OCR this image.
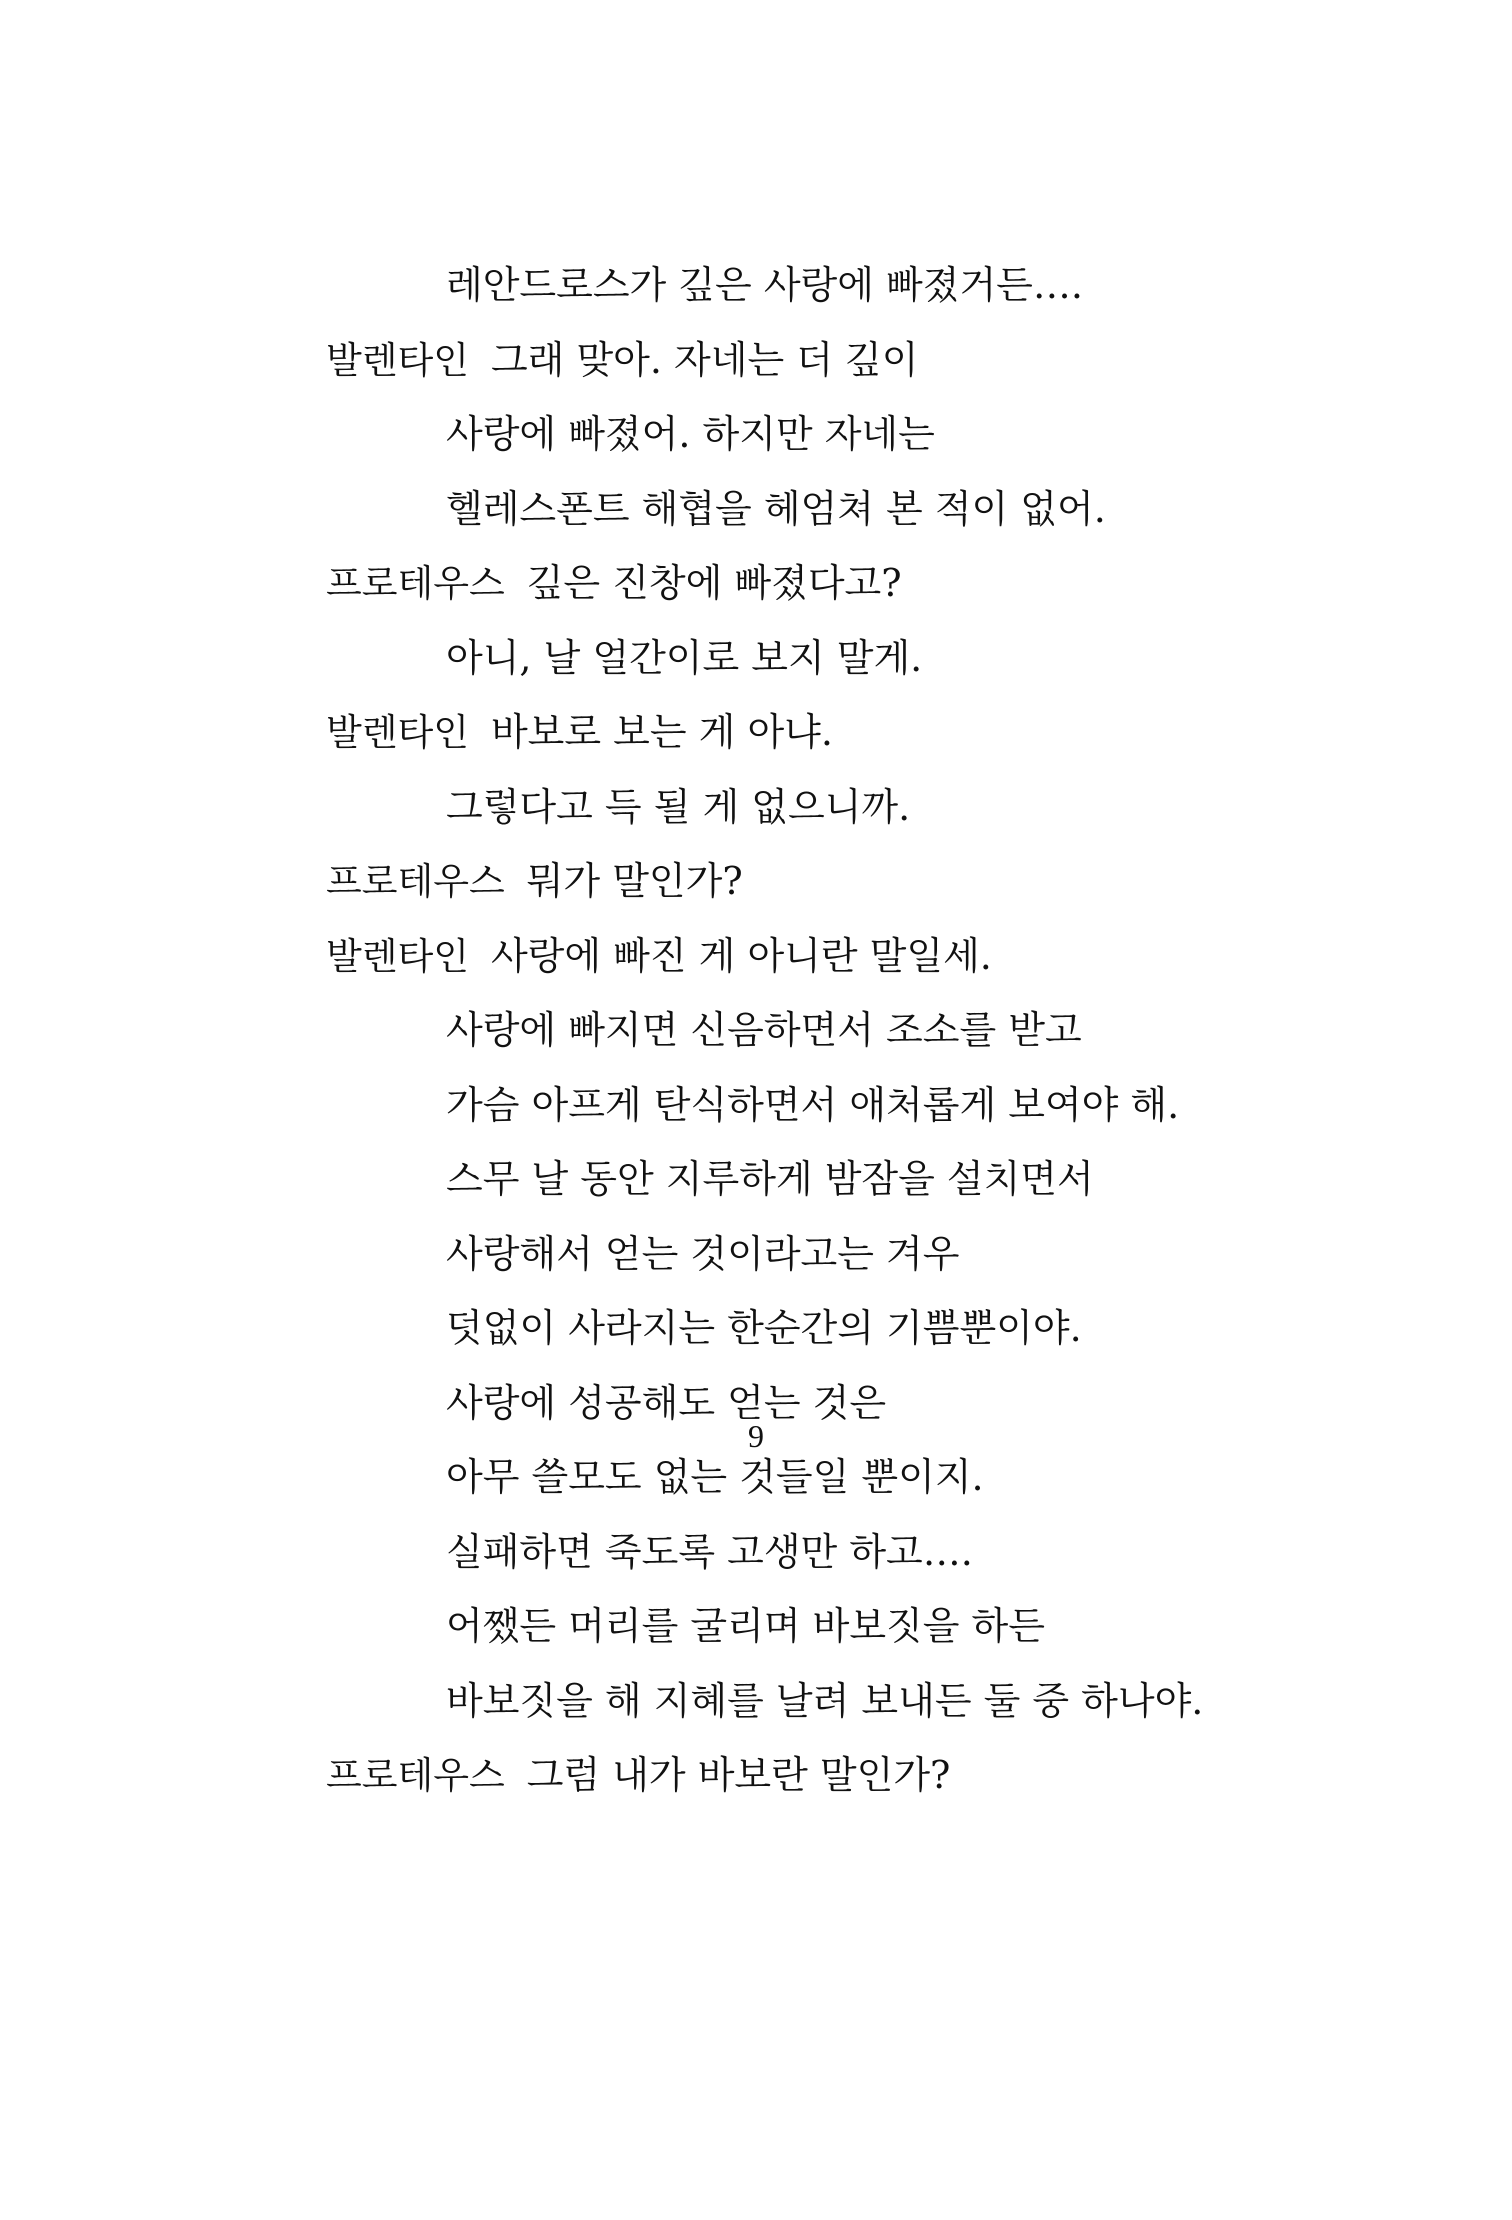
레안드로스가 깊은 사랑에 빠졌거든….
발렌타인 그래 맞아. 자네는 더 깊이
사랑에 빠졌어. 하지만 자네는
헬레스폰트 해협을 헤엄쳐 본 적이 없어.
프로테우스 깊은 진창에 빠졌다고?
아니, 날 얼간이로 보지 말게.
발렌타인 바보로 보는 게 아냐.
그렇다고 득 될 게 없으니까.
프로테우스 뭐가 말인가?
발렌타인 사랑에 빠진 게 아니란 말일세.
사랑에 빠지면 신음하면서 조소를 받고
가슴 아프게 탄식하면서 애처롭게 보여야 해.
스무 날 동안 지루하게 밤잠을 설치면서
사랑해서 얻는 것이라고는 겨우
덧없이 사라지는 한순간의 기쁨뿐이야.
사랑에 성공해도 얻는 것은
아무 쓸모도 없는 것들일 뿐이지.
실패하면 죽도록 고생만 하고….
어쨌든 머리를 굴리며 바보짓을 하든
바보짓을 해 지혜를 날려 보내든 둘 중 하나야.
프로테우스 그럼 내가 바보란 말인가?
9
